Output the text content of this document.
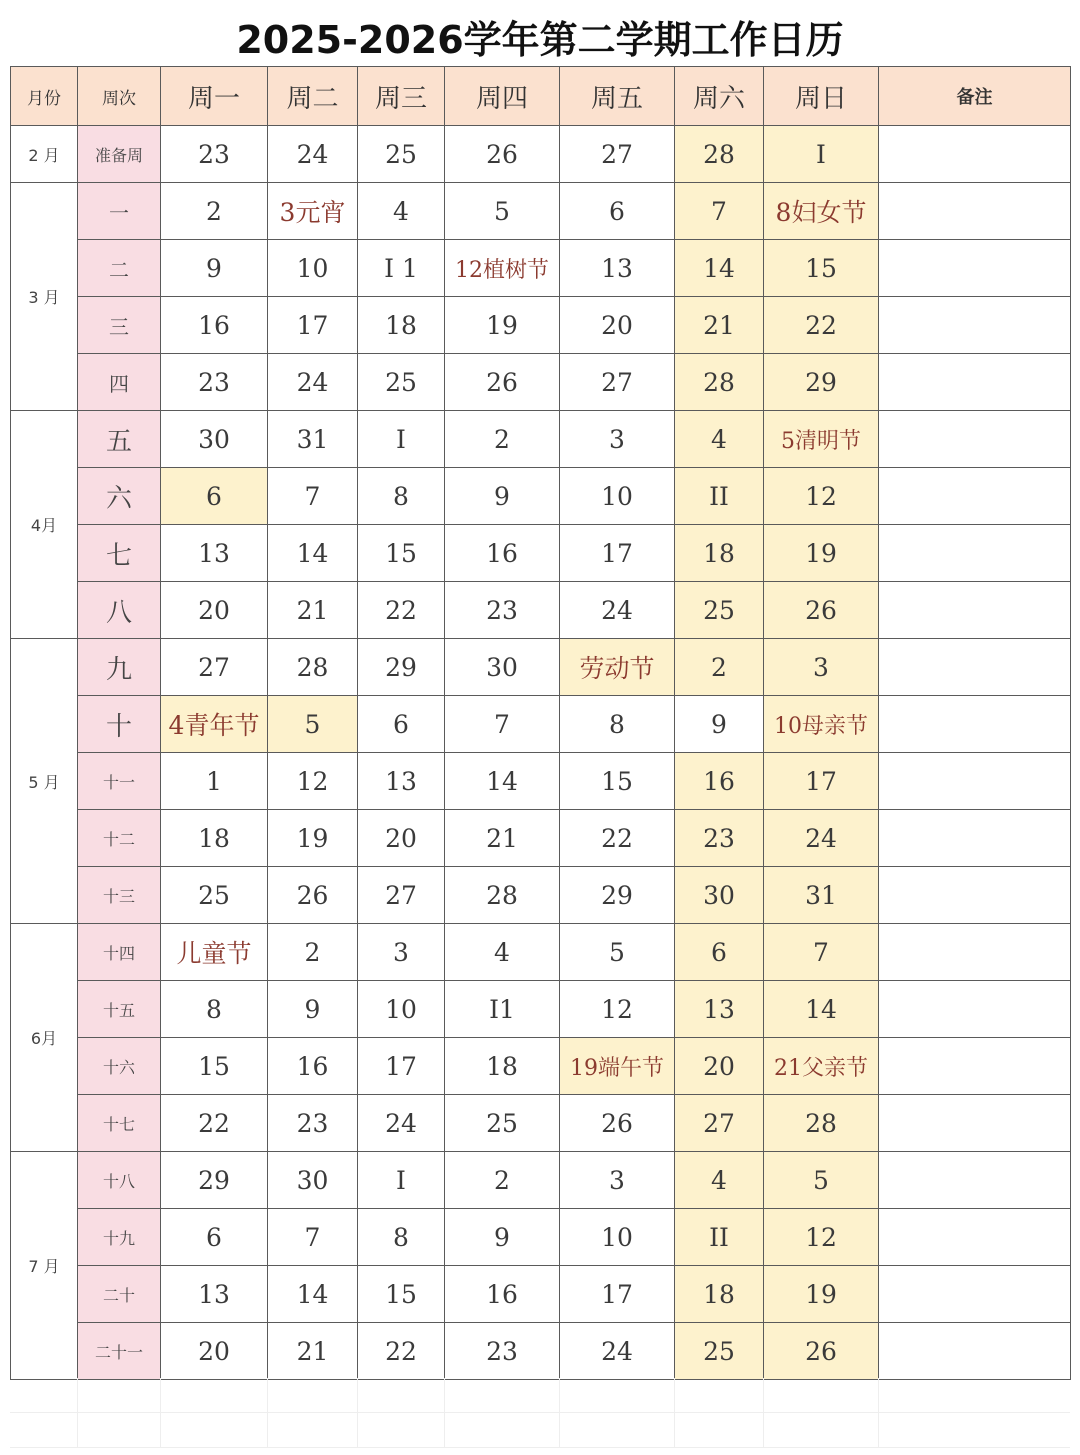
2025-2026学年第二学期工作日历
月份	周次	周一	周二	周三	周四	周五	周六	周日	备注
2 月	准备周	23	24	25	26	27	28	I	
3 月	一	2	3元宵	4	5	6	7	8妇女节	
	二	9	10	I 1	12植树节	13	14	15	
	三	16	17	18	19	20	21	22	
	四	23	24	25	26	27	28	29	
4月	五	30	31	I	2	3	4	5清明节	
	六	6	7	8	9	10	II	12	
	七	13	14	15	16	17	18	19	
	八	20	21	22	23	24	25	26	
5 月	九	27	28	29	30	劳动节	2	3	
	十	4青年节	5	6	7	8	9	10母亲节	
	十一	1	12	13	14	15	16	17	
	十二	18	19	20	21	22	23	24	
	十三	25	26	27	28	29	30	31	
6月	十四	儿童节	2	3	4	5	6	7	
	十五	8	9	10	I1	12	13	14	
	十六	15	16	17	18	19端午节	20	21父亲节	
	十七	22	23	24	25	26	27	28	
7 月	十八	29	30	I	2	3	4	5	
	十九	6	7	8	9	10	II	12	
	二十	13	14	15	16	17	18	19	
	二十一	20	21	22	23	24	25	26	
